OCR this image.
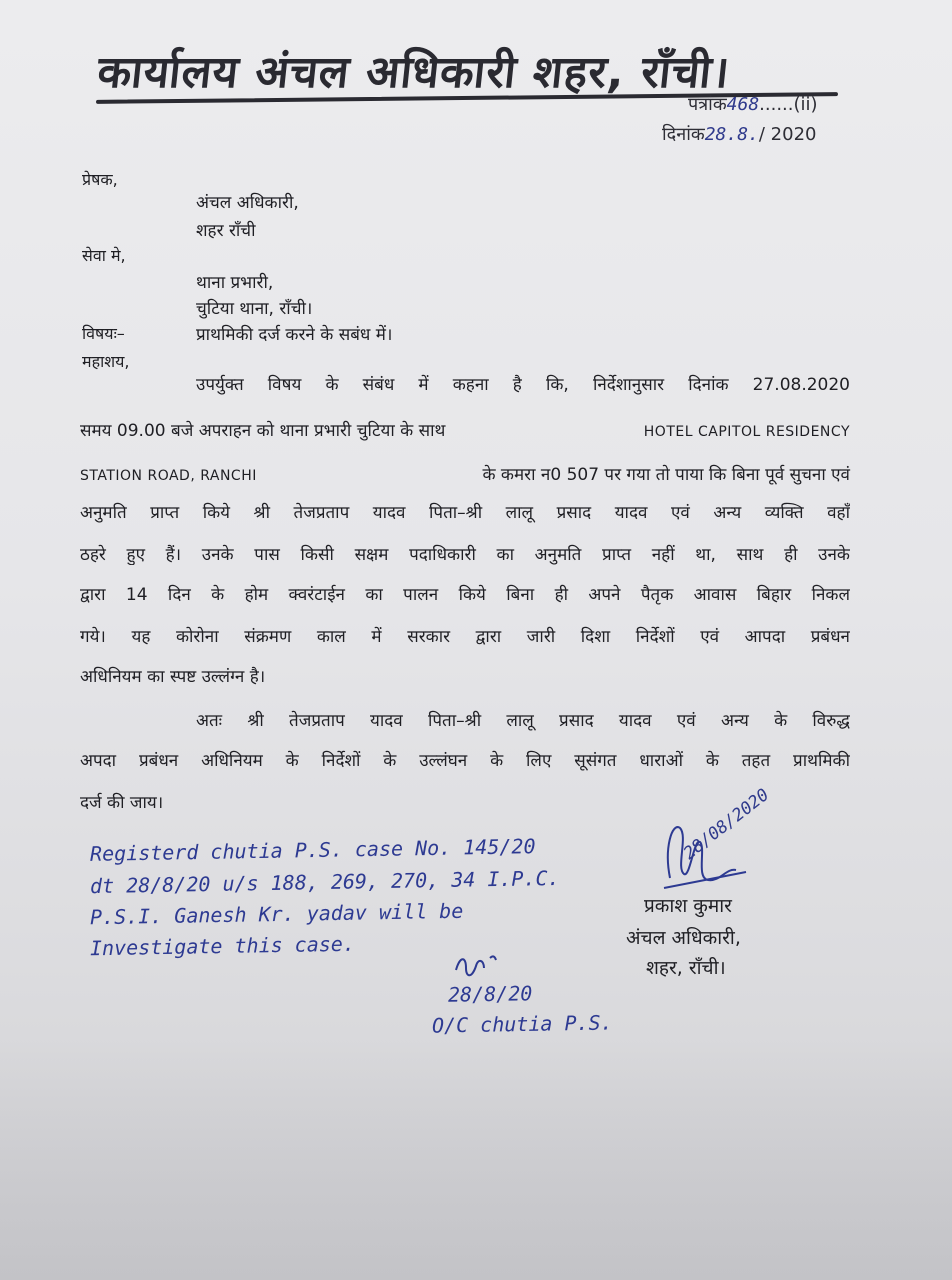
कार्यालय अंचल अधिकारी शहर, रॉंची।
पत्रांक468......(ii)
दिनांक28.8./ 2020
प्रेषक,
अंचल अधिकारी,
शहर रॉंची
सेवा मे,
थाना प्रभारी,
चुटिया थाना, रॉंची।
विषयः–	प्राथमिकी दर्ज करने के सबंध में।
महाशय,
उपर्युक्त विषय के संबंध में कहना है कि, निर्देशानुसार दिनांक 27.08.2020
समय 09.00 बजे अपराहन को थाना प्रभारी चुटिया के साथ	HOTEL CAPITOL RESIDENCY
STATION ROAD, RANCHI	के कमरा न0 507 पर गया तो पाया कि बिना पूर्व सुचना एवं
अनुमति प्राप्त किये श्री तेजप्रताप यादव पिता–श्री लालू प्रसाद यादव एवं अन्य व्यक्ति वहाँ
ठहरे हुए हैं। उनके पास किसी सक्षम पदाधिकारी का अनुमति प्राप्त नहीं था, साथ ही उनके
द्वारा 14 दिन के होम क्वरंटाईन का पालन किये बिना ही अपने पैतृक आवास बिहार निकल
गये। यह कोरोना संक्रमण काल में सरकार द्वारा जारी दिशा निर्देशों एवं आपदा प्रबंधन
अधिनियम का स्पष्ट उल्लंग्न है।
अतः श्री तेजप्रताप यादव पिता–श्री लालू प्रसाद यादव एवं अन्य के विरुद्ध
अपदा प्रबंधन अधिनियम के निर्देशों के उल्लंघन के लिए सूसंगत धाराओं के तहत प्राथमिकी
दर्ज की जाय।
Registerd chutia P.S. case No. 145/20
dt 28/8/20 u/s 188, 269, 270, 34 I.P.C.
P.S.I. Ganesh Kr. yadav will be
Investigate this case.
28/8/20
O/C chutia P.S.
28/08/2020
प्रकाश कुमार
अंचल अधिकारी,
शहर, रॉंची।
